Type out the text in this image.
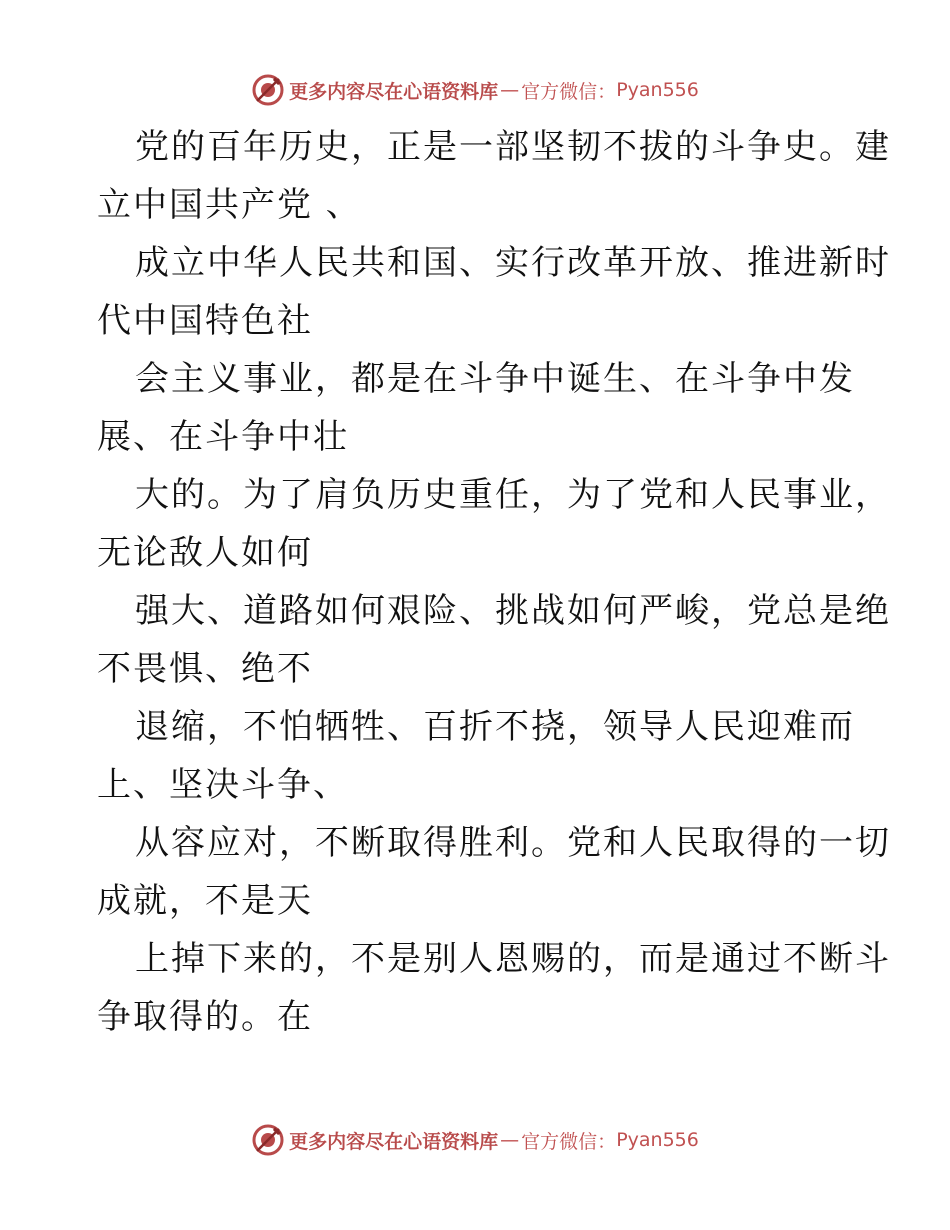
更多内容尽在心语资料库 — 官方微信： Pyan556
党的百年历史，正是一部坚韧不拔的斗争史。建
立中国共产党 、
成立中华人民共和国、实行改革开放、推进新时
代中国特色社
会主义事业，都是在斗争中诞生、在斗争中发
展、在斗争中壮
大的。为了肩负历史重任，为了党和人民事业，
无论敌人如何
强大、道路如何艰险、挑战如何严峻，党总是绝
不畏惧、绝不
退缩，不怕牺牲、百折不挠，领导人民迎难而
上、坚决斗争、
从容应对，不断取得胜利。党和人民取得的一切
成就，不是天
上掉下来的，不是别人恩赐的，而是通过不断斗
争取得的。在
更多内容尽在心语资料库 — 官方微信： Pyan556
